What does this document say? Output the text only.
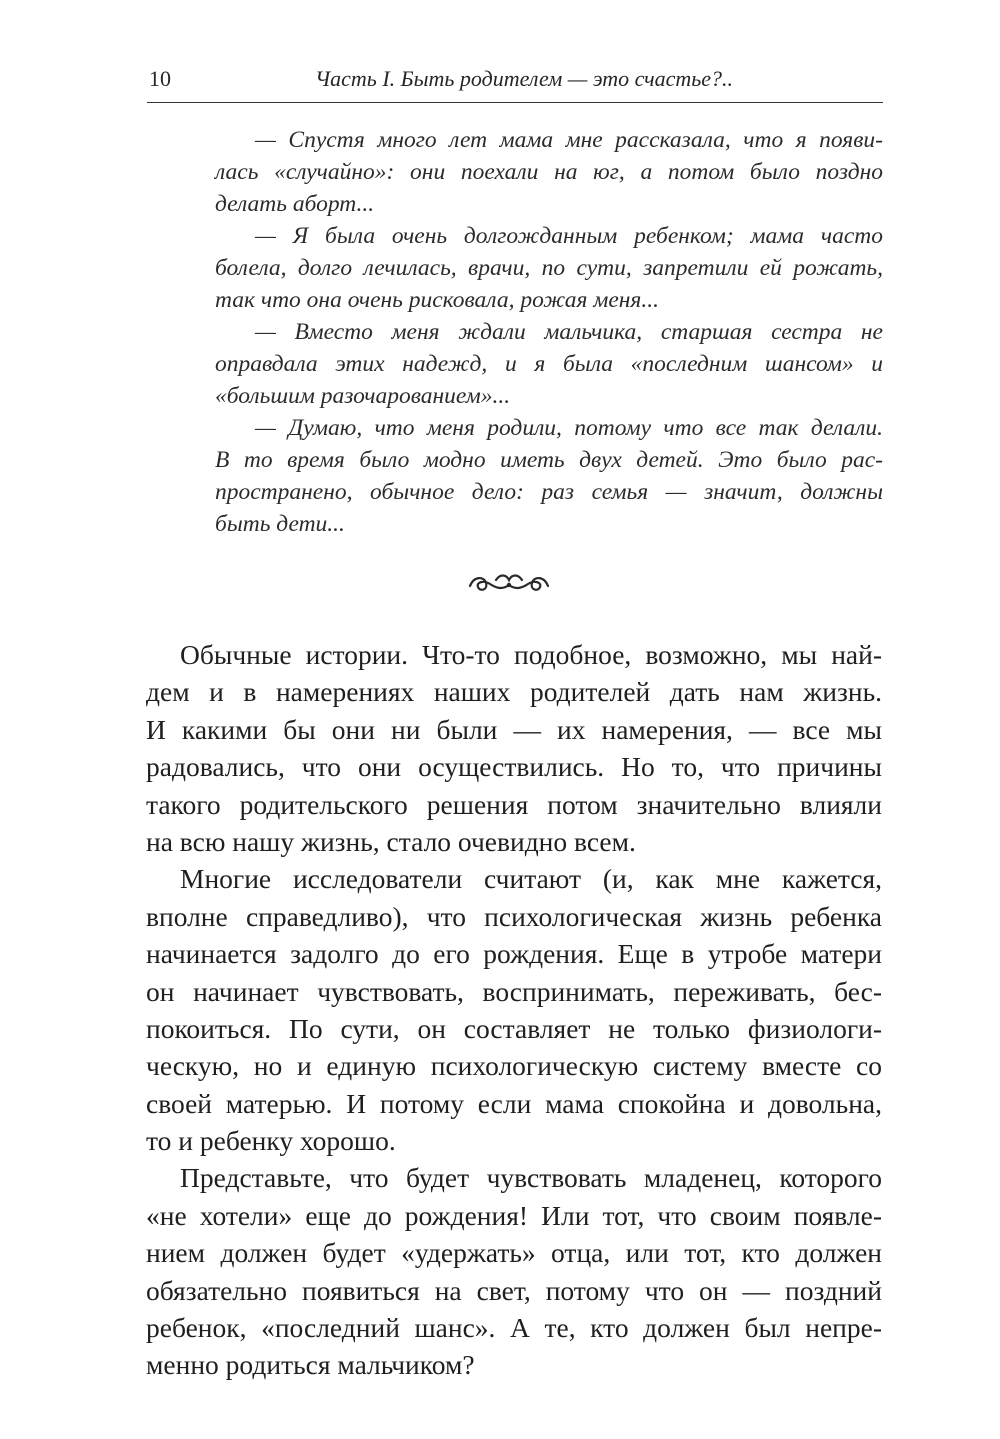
10	Часть I. Быть родителем — это счастье?..
— Спустя много лет мама мне рассказала, что я появи-
лась «случайно»: они поехали на юг, а потом было поздно
делать аборт...
— Я была очень долгожданным ребенком; мама часто
болела, долго лечилась, врачи, по сути, запретили ей рожать,
так что она очень рисковала, рожая меня...
— Вместо меня ждали мальчика, старшая сестра не
оправдала этих надежд, и я была «последним шансом» и
«большим разочарованием»...
— Думаю, что меня родили, потому что все так делали.
В то время было модно иметь двух детей. Это было рас-
пространено, обычное дело: раз семья — значит, должны
быть дети...
Обычные истории. Что-то подобное, возможно, мы най-
дем и в намерениях наших родителей дать нам жизнь.
И какими бы они ни были — их намерения, — все мы
радовались, что они осуществились. Но то, что причины
такого родительского решения потом значительно влияли
на всю нашу жизнь, стало очевидно всем.
Многие исследователи считают (и, как мне кажется,
вполне справедливо), что психологическая жизнь ребенка
начинается задолго до его рождения. Еще в утробе матери
он начинает чувствовать, воспринимать, переживать, бес-
покоиться. По сути, он составляет не только физиологи-
ческую, но и единую психологическую систему вместе со
своей матерью. И потому если мама спокойна и довольна,
то и ребенку хорошо.
Представьте, что будет чувствовать младенец, которого
«не хотели» еще до рождения! Или тот, что своим появле-
нием должен будет «удержать» отца, или тот, кто должен
обязательно появиться на свет, потому что он — поздний
ребенок, «последний шанс». А те, кто должен был непре-
менно родиться мальчиком?
